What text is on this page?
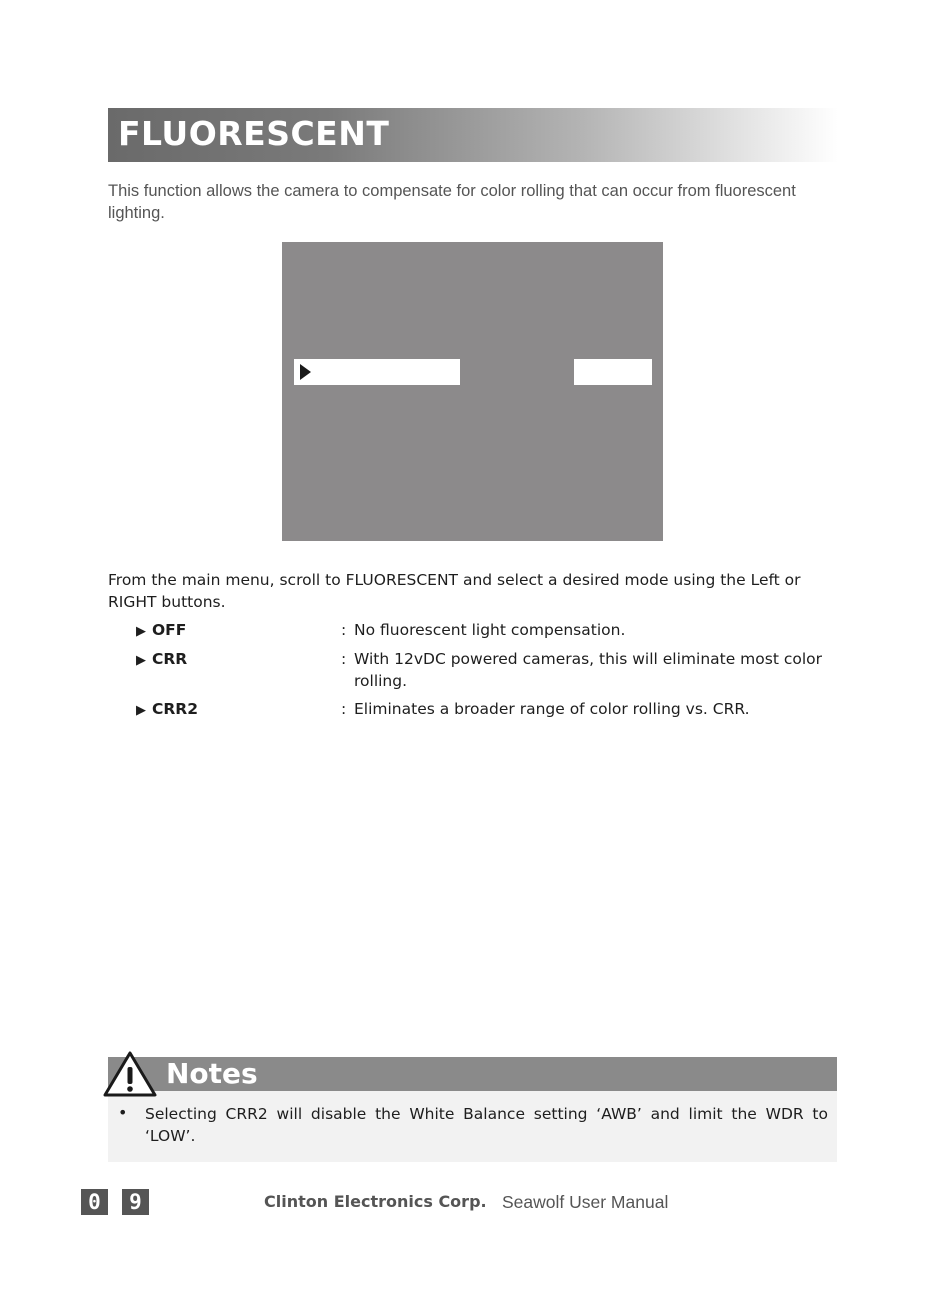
FLUORESCENT
This function allows the camera to compensate for color rolling that can occur from fluorescent lighting.
From the main menu, scroll to FLUORESCENT and select a desired mode using the Left or RIGHT buttons.
▶ OFF	: No fluorescent light compensation.
▶ CRR	: With 12vDC powered cameras, this will eliminate most color rolling.
▶ CRR2	: Eliminates a broader range of color rolling vs. CRR.
Notes
• Selecting CRR2 will disable the White Balance setting ‘AWB’ and limit the WDR to ‘LOW’.
0	9	Clinton Electronics Corp. Seawolf User Manual
